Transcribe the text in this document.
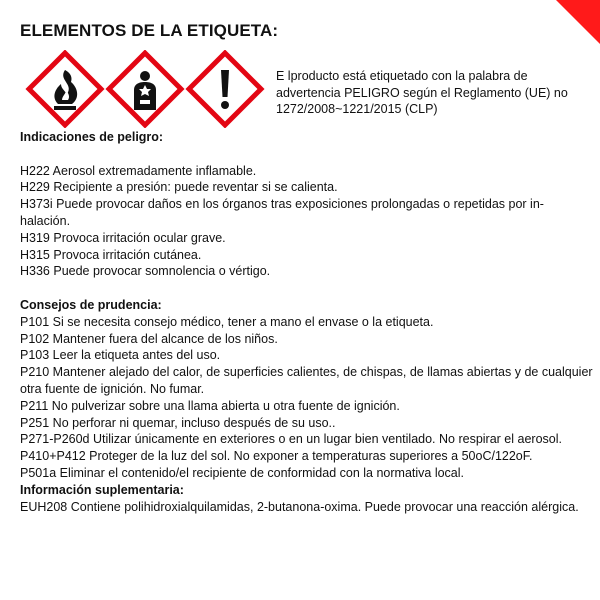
ELEMENTOS DE LA ETIQUETA:
E lproducto está etiquetado con la palabra de advertencia PELIGRO según el Reglamento (UE) no 1272/2008~1221/2015 (CLP)
Indicaciones de peligro:
H222 Aerosol extremadamente inflamable.
H229 Recipiente a presión: puede reventar si se calienta.
H373i Puede provocar daños en los órganos tras exposiciones prolongadas o repetidas por in-
halación.
H319 Provoca irritación ocular grave.
H315 Provoca irritación cutánea.
H336 Puede provocar somnolencia o vértigo.
Consejos de prudencia:
P101 Si se necesita consejo médico, tener a mano el envase o la etiqueta.
P102 Mantener fuera del alcance de los niños.
P103 Leer la etiqueta antes del uso.
P210 Mantener alejado del calor, de superficies calientes, de chispas, de llamas abiertas y de cualquier
otra fuente de ignición. No fumar.
P211 No pulverizar sobre una llama abierta u otra fuente de ignición.
P251 No perforar ni quemar, incluso después de su uso..
P271-P260d Utilizar únicamente en exteriores o en un lugar bien ventilado. No respirar el aerosol.
P410+P412 Proteger de la luz del sol. No exponer a temperaturas superiores a 50oC/122oF.
P501a Eliminar el contenido/el recipiente de conformidad con la normativa local.
Información suplementaria:
EUH208 Contiene polihidroxialquilamidas, 2-butanona-oxima. Puede provocar una reacción alérgica.
